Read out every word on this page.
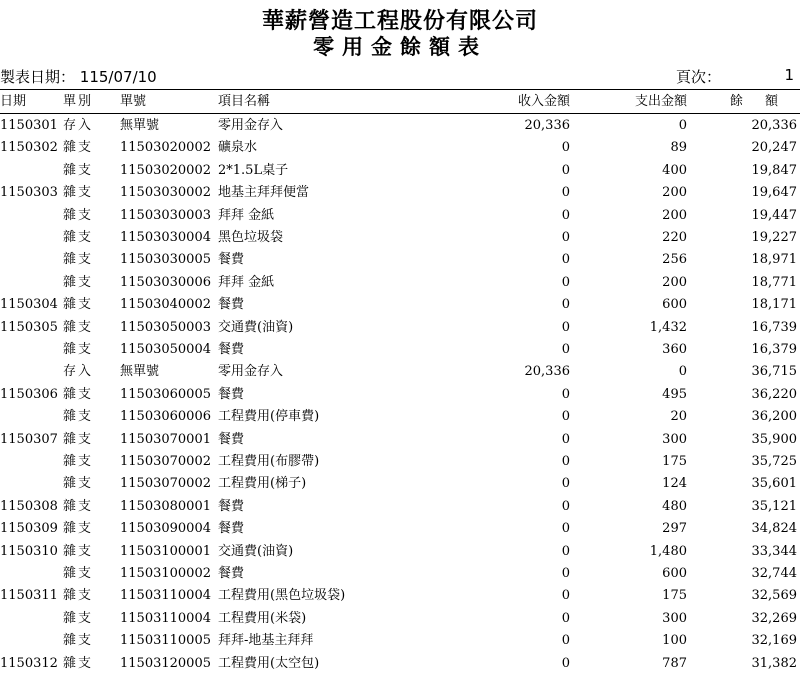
華薪營造工程股份有限公司
零用金餘額表
製表日期： 115/07/10	頁次：	1
日期	單別	單號	項目名稱	收入金額	支出金額	餘額
1150301 存入	無單號	零用金存入	20,336	0	20,336
1150302 雜支	11503020002 礦泉水	0	89	20,247
雜支	11503020002 2*1.5L桌子	0	400	19,847
1150303 雜支	11503030002 地基主拜拜便當	0	200	19,647
雜支	11503030003 拜拜 金紙	0	200	19,447
雜支	11503030004 黑色垃圾袋	0	220	19,227
雜支	11503030005 餐費	0	256	18,971
雜支	11503030006 拜拜 金紙	0	200	18,771
1150304 雜支	11503040002 餐費	0	600	18,171
1150305 雜支	11503050003 交通費(油資)	0	1,432	16,739
雜支	11503050004 餐費	0	360	16,379
存入	無單號	零用金存入	20,336	0	36,715
1150306 雜支	11503060005 餐費	0	495	36,220
雜支	11503060006 工程費用(停車費)	0	20	36,200
1150307 雜支	11503070001 餐費	0	300	35,900
雜支	11503070002 工程費用(布膠帶)	0	175	35,725
雜支	11503070002 工程費用(梯子)	0	124	35,601
1150308 雜支	11503080001 餐費	0	480	35,121
1150309 雜支	11503090004 餐費	0	297	34,824
1150310 雜支	11503100001 交通費(油資)	0	1,480	33,344
雜支	11503100002 餐費	0	600	32,744
1150311 雜支	11503110004 工程費用(黑色垃圾袋)	0	175	32,569
雜支	11503110004 工程費用(米袋)	0	300	32,269
雜支	11503110005 拜拜-地基主拜拜	0	100	32,169
1150312 雜支	11503120005 工程費用(太空包)	0	787	31,382
